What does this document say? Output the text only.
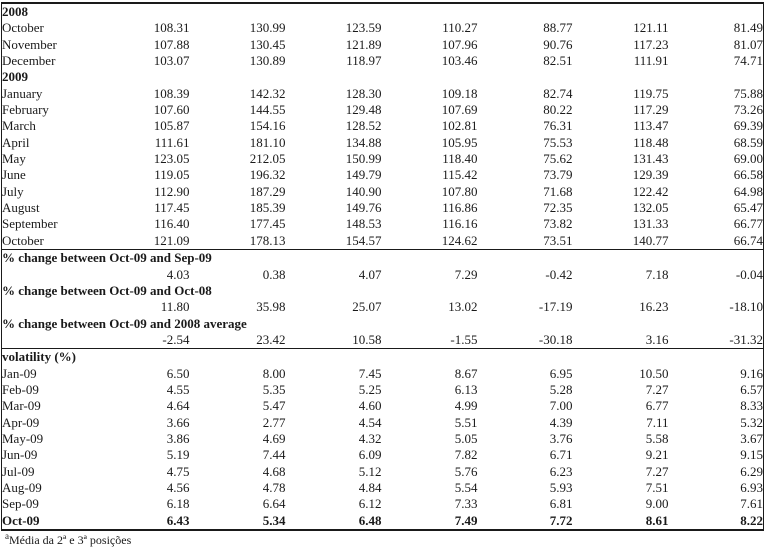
2008							
October	108.31	130.99	123.59	110.27	88.77	121.11	81.49
November	107.88	130.45	121.89	107.96	90.76	117.23	81.07
December	103.07	130.89	118.97	103.46	82.51	111.91	74.71
2009							
January	108.39	142.32	128.30	109.18	82.74	119.75	75.88
February	107.60	144.55	129.48	107.69	80.22	117.29	73.26
March	105.87	154.16	128.52	102.81	76.31	113.47	69.39
April	111.61	181.10	134.88	105.95	75.53	118.48	68.59
May	123.05	212.05	150.99	118.40	75.62	131.43	69.00
June	119.05	196.32	149.79	115.42	73.79	129.39	66.58
July	112.90	187.29	140.90	107.80	71.68	122.42	64.98
August	117.45	185.39	149.76	116.86	72.35	132.05	65.47
September	116.40	177.45	148.53	116.16	73.82	131.33	66.77
October	121.09	178.13	154.57	124.62	73.51	140.77	66.74
% change between Oct-09 and Sep-09							
	4.03	0.38	4.07	7.29	-0.42	7.18	-0.04
% change between Oct-09 and Oct-08							
	11.80	35.98	25.07	13.02	-17.19	16.23	-18.10
% change between Oct-09 and 2008 average							
	-2.54	23.42	10.58	-1.55	-30.18	3.16	-31.32
volatility (%)							
Jan-09	6.50	8.00	7.45	8.67	6.95	10.50	9.16
Feb-09	4.55	5.35	5.25	6.13	5.28	7.27	6.57
Mar-09	4.64	5.47	4.60	4.99	7.00	6.77	8.33
Apr-09	3.66	2.77	4.54	5.51	4.39	7.11	5.32
May-09	3.86	4.69	4.32	5.05	3.76	5.58	3.67
Jun-09	5.19	7.44	6.09	7.82	6.71	9.21	9.15
Jul-09	4.75	4.68	5.12	5.76	6.23	7.27	6.29
Aug-09	4.56	4.78	4.84	5.54	5.93	7.51	6.93
Sep-09	6.18	6.64	6.12	7.33	6.81	9.00	7.61
Oct-09	6.43	5.34	6.48	7.49	7.72	8.61	8.22
$^a$Média da 2ª e 3ª posições
